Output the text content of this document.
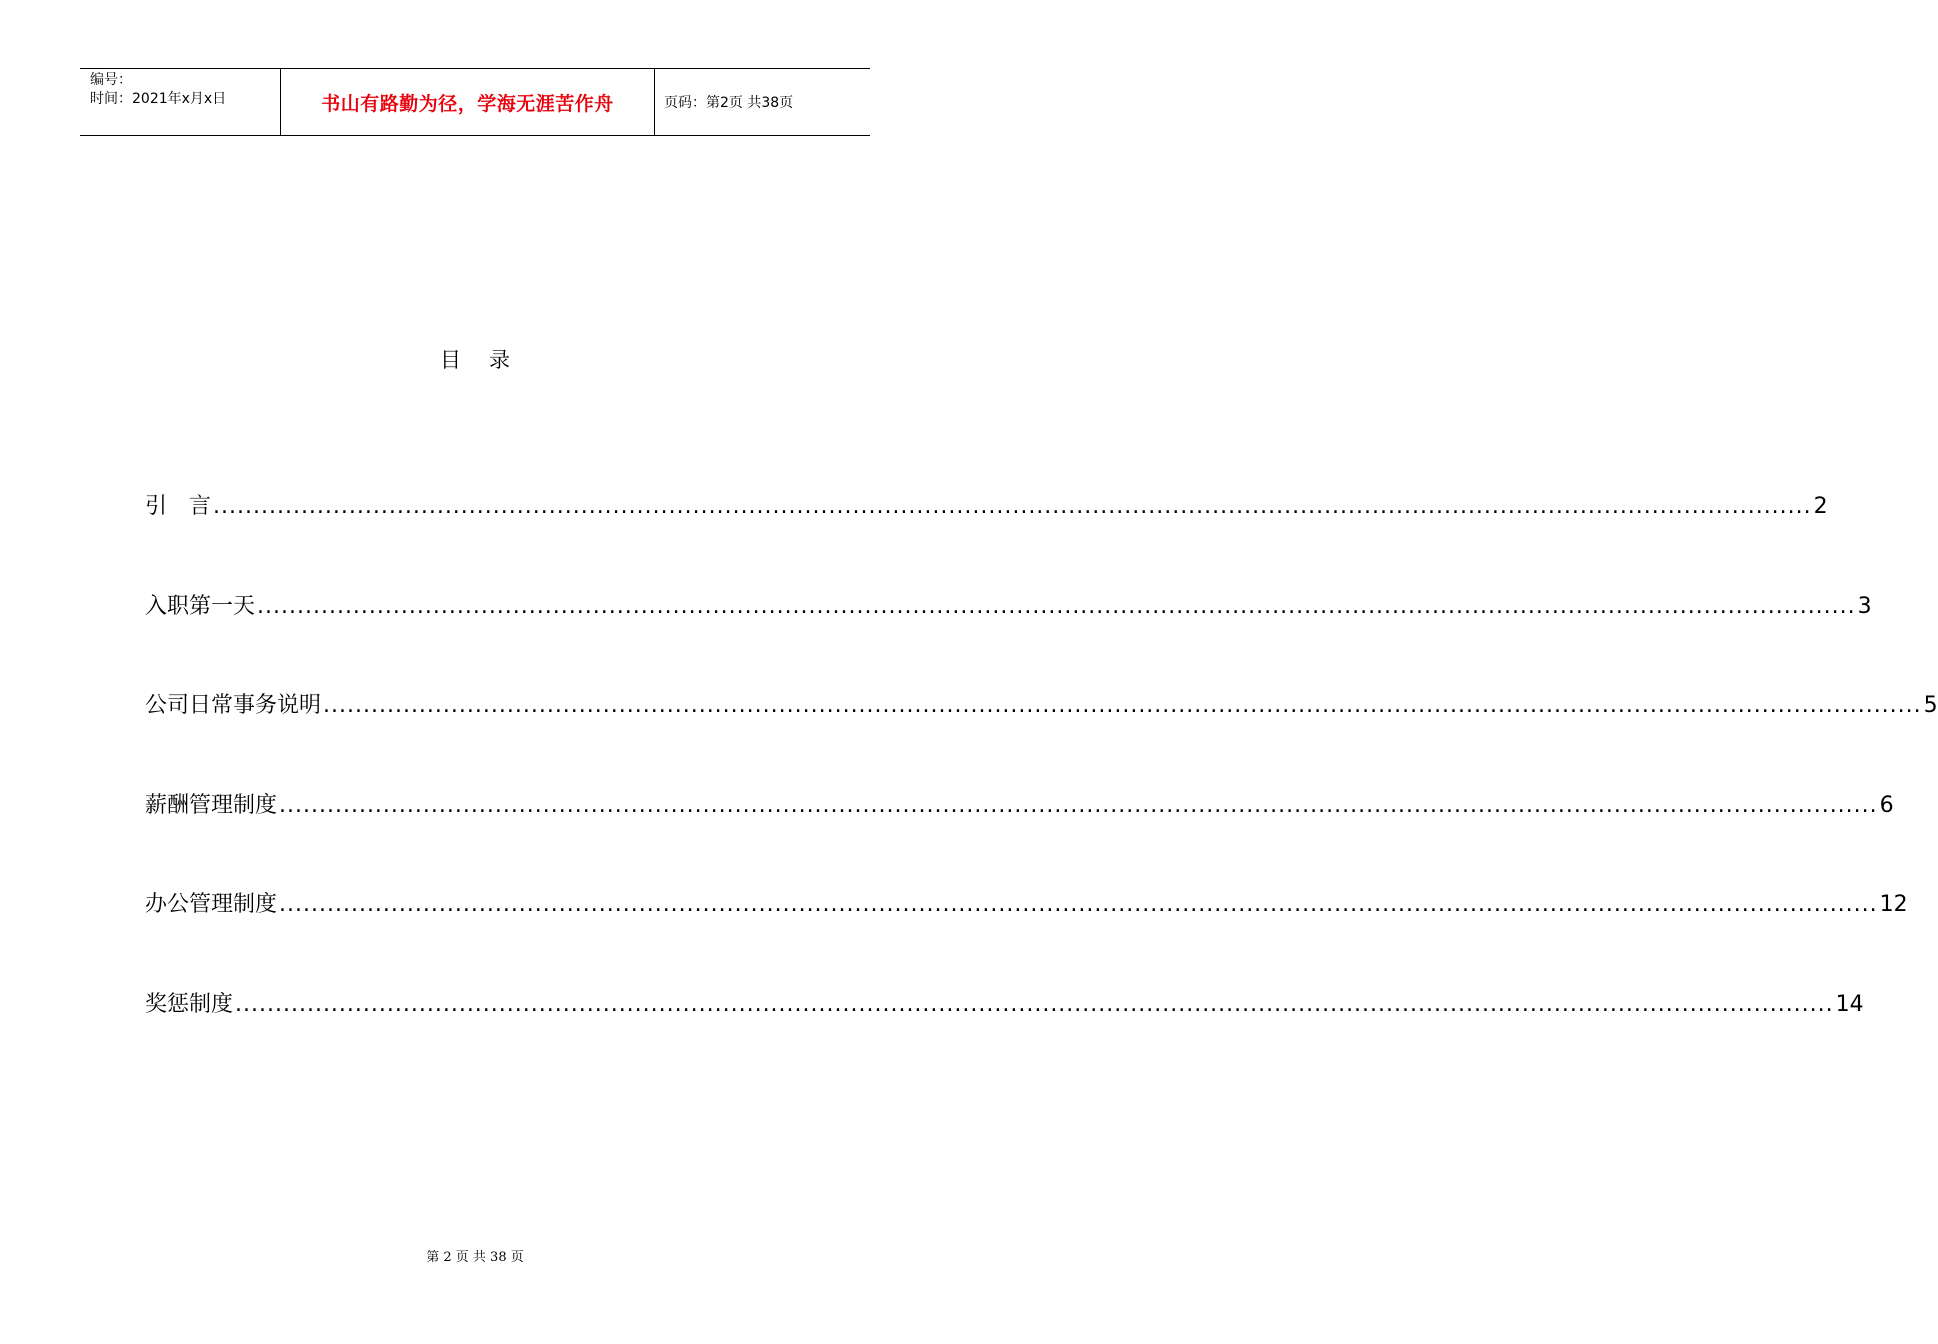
编号：
时间：2021年x月x日	书山有路勤为径，学海无涯苦作舟	页码：第2页 共38页
目录
引　言 ........................................................................................................................................................................................................ 2
入职第一天 ........................................................................................................................................................................................................ 3
公司日常事务说明 ........................................................................................................................................................................................................ 5
薪酬管理制度 ........................................................................................................................................................................................................ 6
办公管理制度 ........................................................................................................................................................................................................ 12
奖惩制度 ........................................................................................................................................................................................................ 14
第 2 页 共 38 页
